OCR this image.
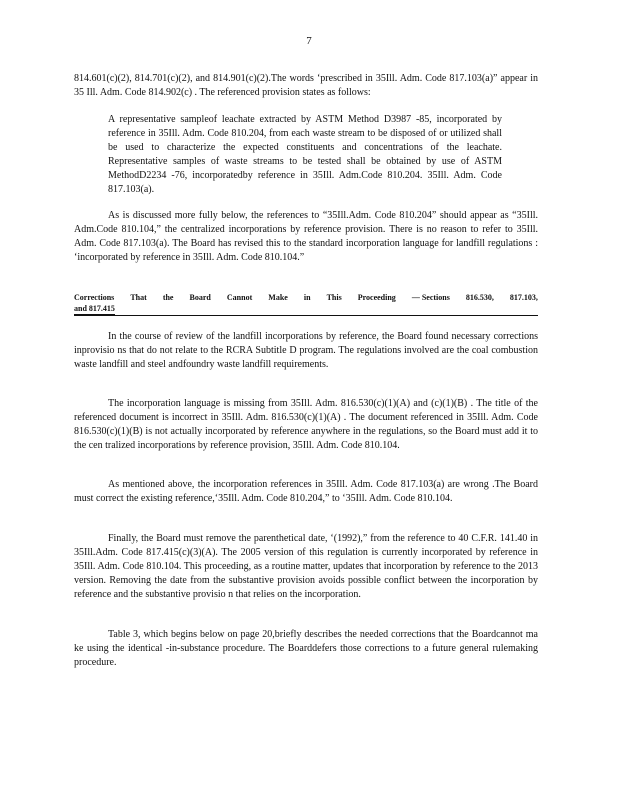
7

814.601(c)(2), 814.701(c)(2), and 814.901(c)(2).The words ‘prescribed in 35Ill. Adm. Code 817.103(a)” appear in 35 Ill. Adm. Code 814.902(c) . The referenced provision states as follows:

A representative sampleof leachate extracted by ASTM Method D3987 -85, incorporated by reference in 35Ill. Adm. Code 810.204, from each waste stream to be disposed of or utilized shall be used to characterize the expected constituents and concentrations of the leachate. Representative samples of waste streams to be tested shall be obtained by use of ASTM MethodD2234 -76, incorporatedby reference in 35Ill. Adm.Code 810.204. 35Ill. Adm. Code 817.103(a).

As is discussed more fully below, the references to “35Ill.Adm. Code 810.204” should appear as “35Ill. Adm.Code 810.104,” the centralized incorporations by reference provision. There is no reason to refer to 35Ill. Adm. Code 817.103(a). The Board has revised this to the standard incorporation language for landfill regulations : ‘incorporated by reference in 35Ill. Adm. Code 810.104.”

Corrections That the Board Cannot Make in This Proceeding — Sections 816.530, 817.103,
and 817.415

In the course of review of the landfill incorporations by reference, the Board found necessary corrections inprovisio ns that do not relate to the RCRA Subtitle D program. The regulations involved are the coal combustion waste landfill and steel andfoundry waste landfill requirements.

The incorporation language is missing from 35Ill. Adm. 816.530(c)(1)(A) and (c)(1)(B) . The title of the referenced document is incorrect in 35Ill. Adm. 816.530(c)(1)(A) . The document referenced in 35Ill. Adm. Code 816.530(c)(1)(B) is not actually incorporated by reference anywhere in the regulations, so the Board must add it to the cen tralized incorporations by reference provision, 35Ill. Adm. Code 810.104.

As mentioned above, the incorporation references in 35Ill. Adm. Code 817.103(a) are wrong .The Board must correct the existing reference,‘35Ill. Adm. Code 810.204,” to ‘35Ill. Adm. Code 810.104.

Finally, the Board must remove the parenthetical date, ‘(1992),” from the reference to 40 C.F.R. 141.40 in 35Ill.Adm. Code 817.415(c)(3)(A). The 2005 version of this regulation is currently incorporated by reference in 35Ill. Adm. Code 810.104. This proceeding, as a routine matter, updates that incorporation by reference to the 2013 version. Removing the date from the substantive provision avoids possible conflict between the incorporation by reference and the substantive provisio n that relies on the incorporation.

Table 3, which begins below on page 20,briefly describes the needed corrections that the Boardcannot ma ke using the identical -in-substance procedure. The Boarddefers those corrections to a future general rulemaking procedure.
